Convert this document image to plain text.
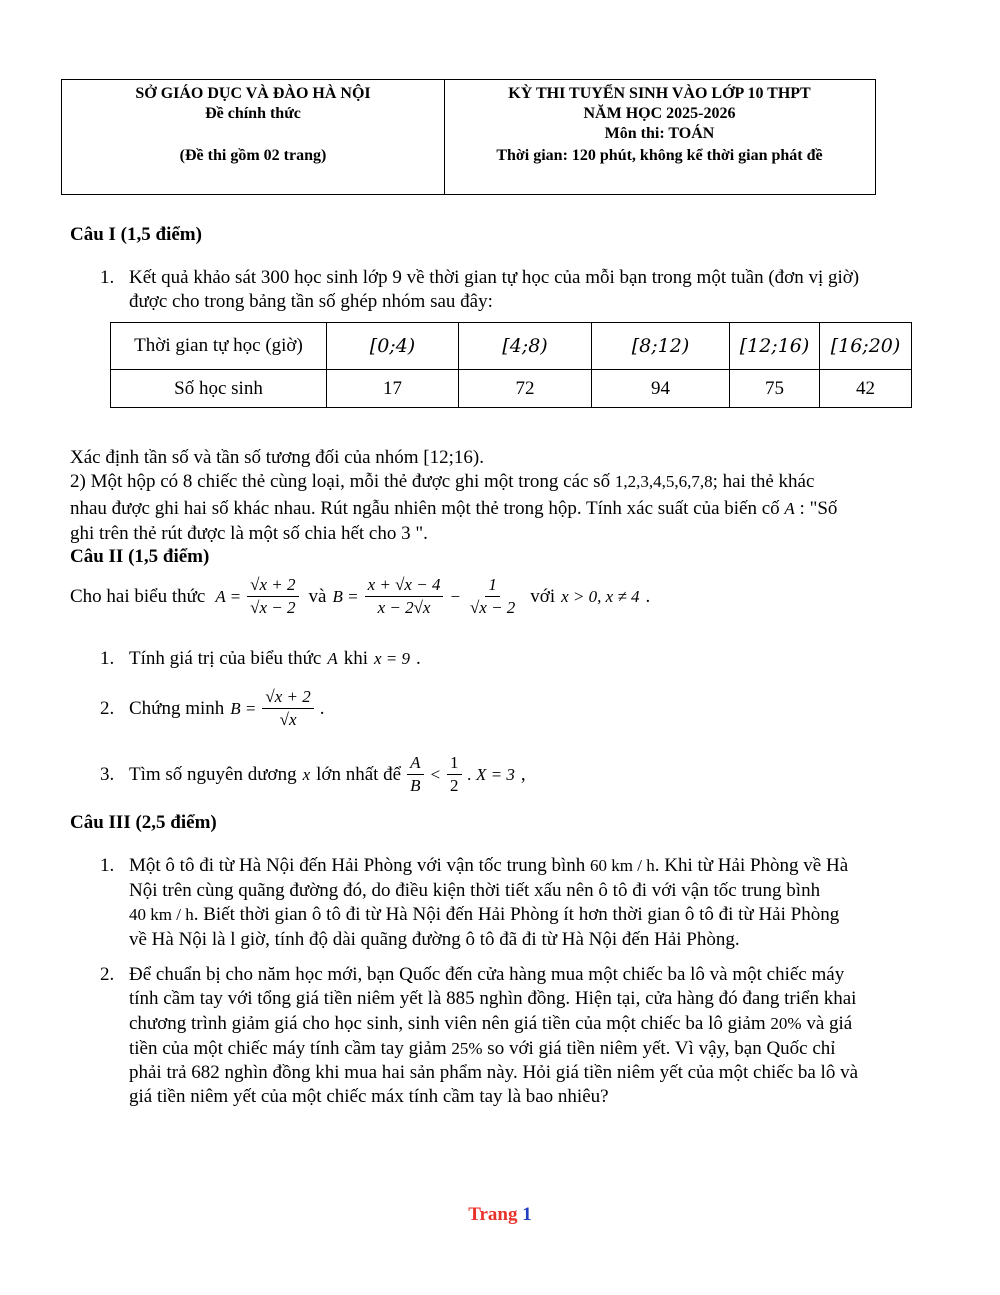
SỞ GIÁO DỤC VÀ ĐÀO HÀ NỘI
Đề chính thức
(Đề thi gồm 02 trang)
KỲ THI TUYỂN SINH VÀO LỚP 10 THPT
NĂM HỌC 2025-2026
Môn thi: TOÁN
Thời gian: 120 phút, không kể thời gian phát đề
Câu I (1,5 điểm)
1. Kết quả khảo sát 300 học sinh lớp 9 về thời gian tự học của mỗi bạn trong một tuần (đơn vị giờ)
được cho trong bảng tần số ghép nhóm sau đây:
Thời gian tự học (giờ)	[0;4)	[4;8)	[8;12)	[12;16)	[16;20)
Số học sinh	17	72	94	75	42
Xác định tần số và tần số tương đối của nhóm [12;16).
2) Một hộp có 8 chiếc thẻ cùng loại, mỗi thẻ được ghi một trong các số 1,2,3,4,5,6,7,8; hai thẻ khác
nhau được ghi hai số khác nhau. Rút ngẫu nhiên một thẻ trong hộp. Tính xác suất của biến cố A : "Số
ghi trên thẻ rút được là một số chia hết cho 3 ".
Câu II (1,5 điểm)
Cho hai biểu thức $A = \frac{√x + 2}{√x - 2}$ và $B = \frac{x + √x - 4}{x - 2√x} - \frac{1}{√x - 2}$ với x > 0, x ≠ 4 .
1. Tính giá trị của biểu thức A khi x = 9 .
2. Chứng minh $B = \frac{√x + 2}{√x}$ .
3. Tìm số nguyên dương x lớn nhất để $\frac{A}{B} < \frac{1}{2}$ . X = 3 ,
Câu III (2,5 điểm)
1. Một ô tô đi từ Hà Nội đến Hải Phòng với vận tốc trung bình 60 km / h. Khi từ Hải Phòng về Hà
Nội trên cùng quãng đường đó, do điều kiện thời tiết xấu nên ô tô đi với vận tốc trung bình
40 km / h. Biết thời gian ô tô đi từ Hà Nội đến Hải Phòng ít hơn thời gian ô tô đi từ Hải Phòng
về Hà Nội là l giờ, tính độ dài quãng đường ô tô đã đi từ Hà Nội đến Hải Phòng.
2. Để chuẩn bị cho năm học mới, bạn Quốc đến cửa hàng mua một chiếc ba lô và một chiếc máy
tính cầm tay với tổng giá tiền niêm yết là 885 nghìn đồng. Hiện tại, cửa hàng đó đang triển khai
chương trình giảm giá cho học sinh, sinh viên nên giá tiền của một chiếc ba lô giảm 20% và giá
tiền của một chiếc máy tính cầm tay giảm 25% so với giá tiền niêm yết. Vì vậy, bạn Quốc chỉ
phải trả 682 nghìn đồng khi mua hai sản phẩm này. Hỏi giá tiền niêm yết của một chiếc ba lô và
giá tiền niêm yết của một chiếc máx tính cầm tay là bao nhiêu?
Trang 1
